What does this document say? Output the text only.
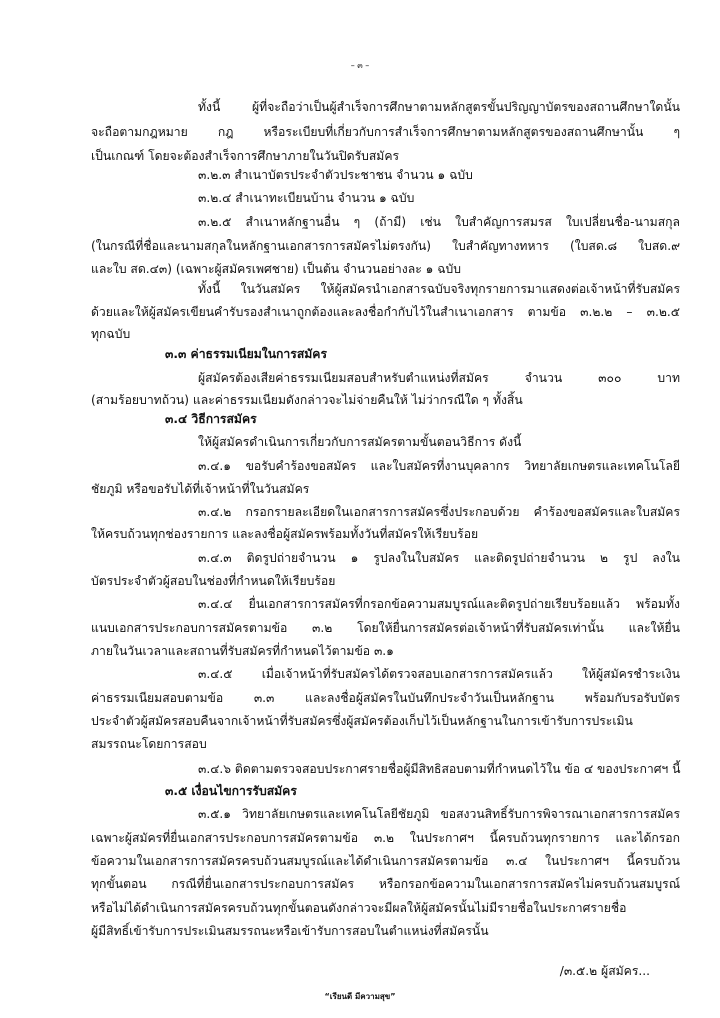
– ๓ –
ทั้งนี้ ผู้ที่จะถือว่าเป็นผู้สำเร็จการศึกษาตามหลักสูตรขั้นปริญญาบัตรของสถานศึกษาใดนั้น
จะถือตามกฎหมาย กฎ หรือระเบียบที่เกี่ยวกับการสำเร็จการศึกษาตามหลักสูตรของสถานศึกษานั้น ๆ
เป็นเกณฑ์ โดยจะต้องสำเร็จการศึกษาภายในวันปิดรับสมัคร
๓.๒.๓ สำเนาบัตรประจำตัวประชาชน จำนวน ๑ ฉบับ
๓.๒.๔ สำเนาทะเบียนบ้าน จำนวน ๑ ฉบับ
๓.๒.๕ สำเนาหลักฐานอื่น ๆ (ถ้ามี) เช่น ใบสำคัญการสมรส ใบเปลี่ยนชื่อ-นามสกุล
(ในกรณีที่ชื่อและนามสกุลในหลักฐานเอกสารการสมัครไม่ตรงกัน) ใบสำคัญทางทหาร (ใบสด.๘ ใบสด.๙
และใบ สด.๔๓) (เฉพาะผู้สมัครเพศชาย) เป็นต้น จำนวนอย่างละ ๑ ฉบับ
ทั้งนี้ ในวันสมัคร ให้ผู้สมัครนำเอกสารฉบับจริงทุกรายการมาแสดงต่อเจ้าหน้าที่รับสมัคร
ด้วยและให้ผู้สมัครเขียนคำรับรองสำเนาถูกต้องและลงชื่อกำกับไว้ในสำเนาเอกสาร ตามข้อ ๓.๒.๒ – ๓.๒.๕
ทุกฉบับ
๓.๓ ค่าธรรมเนียมในการสมัคร
ผู้สมัครต้องเสียค่าธรรมเนียมสอบสำหรับตำแหน่งที่สมัคร จำนวน ๓๐๐ บาท
(สามร้อยบาทถ้วน) และค่าธรรมเนียมดังกล่าวจะไม่จ่ายคืนให้ ไม่ว่ากรณีใด ๆ ทั้งสิ้น
๓.๔ วิธีการสมัคร
ให้ผู้สมัครดำเนินการเกี่ยวกับการสมัครตามขั้นตอนวิธีการ ดังนี้
๓.๔.๑ ขอรับคำร้องขอสมัคร และใบสมัครที่งานบุคลากร วิทยาลัยเกษตรและเทคโนโลยี
ชัยภูมิ หรือขอรับได้ที่เจ้าหน้าที่ในวันสมัคร
๓.๔.๒ กรอกรายละเอียดในเอกสารการสมัครซึ่งประกอบด้วย คำร้องขอสมัครและใบสมัคร
ให้ครบถ้วนทุกช่องรายการ และลงชื่อผู้สมัครพร้อมทั้งวันที่สมัครให้เรียบร้อย
๓.๔.๓ ติดรูปถ่ายจำนวน ๑ รูปลงในใบสมัคร และติดรูปถ่ายจำนวน ๒ รูป ลงใน
บัตรประจำตัวผู้สอบในช่องที่กำหนดให้เรียบร้อย
๓.๔.๔ ยื่นเอกสารการสมัครที่กรอกข้อความสมบูรณ์และติดรูปถ่ายเรียบร้อยแล้ว พร้อมทั้ง
แนบเอกสารประกอบการสมัครตามข้อ ๓.๒ โดยให้ยื่นการสมัครต่อเจ้าหน้าที่รับสมัครเท่านั้น และให้ยื่น
ภายในวันเวลาและสถานที่รับสมัครที่กำหนดไว้ตามข้อ ๓.๑
๓.๔.๕ เมื่อเจ้าหน้าที่รับสมัครได้ตรวจสอบเอกสารการสมัครแล้ว ให้ผู้สมัครชำระเงิน
ค่าธรรมเนียมสอบตามข้อ ๓.๓ และลงชื่อผู้สมัครในบันทึกประจำวันเป็นหลักฐาน พร้อมกับรอรับบัตร
ประจำตัวผู้สมัครสอบคืนจากเจ้าหน้าที่รับสมัครซึ่งผู้สมัครต้องเก็บไว้เป็นหลักฐานในการเข้ารับการประเมิน
สมรรถนะโดยการสอบ
๓.๔.๖ ติดตามตรวจสอบประกาศรายชื่อผู้มีสิทธิสอบตามที่กำหนดไว้ใน ข้อ ๔ ของประกาศฯ นี้
๓.๕ เงื่อนไขการรับสมัคร
๓.๕.๑ วิทยาลัยเกษตรและเทคโนโลยีชัยภูมิ ขอสงวนสิทธิ์รับการพิจารณาเอกสารการสมัคร
เฉพาะผู้สมัครที่ยื่นเอกสารประกอบการสมัครตามข้อ ๓.๒ ในประกาศฯ นี้ครบถ้วนทุกรายการ และได้กรอก
ข้อความในเอกสารการสมัครครบถ้วนสมบูรณ์และได้ดำเนินการสมัครตามข้อ ๓.๔ ในประกาศฯ นี้ครบถ้วน
ทุกขั้นตอน กรณีที่ยื่นเอกสารประกอบการสมัคร หรือกรอกข้อความในเอกสารการสมัครไม่ครบถ้วนสมบูรณ์
หรือไม่ได้ดำเนินการสมัครครบถ้วนทุกขั้นตอนดังกล่าวจะมีผลให้ผู้สมัครนั้นไม่มีรายชื่อในประกาศรายชื่อ
ผู้มีสิทธิ์เข้ารับการประเมินสมรรถนะหรือเข้ารับการสอบในตำแหน่งที่สมัครนั้น
/๓.๕.๒ ผู้สมัคร...
“เรียนดี มีความสุข”
